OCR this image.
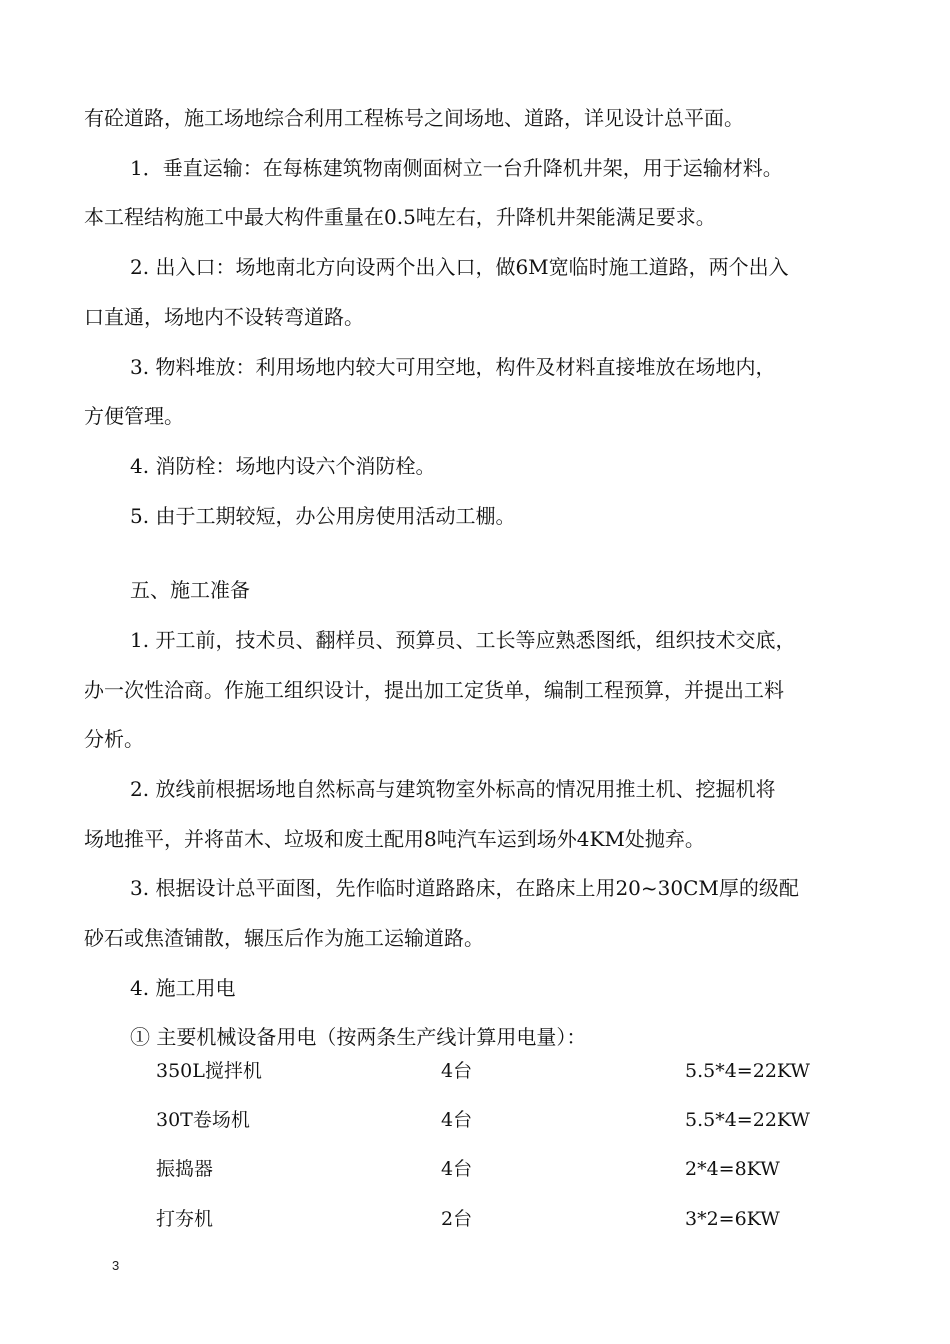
有砼道路，施工场地综合利用工程栋号之间场地、道路，详见设计总平面。
1．垂直运输：在每栋建筑物南侧面树立一台升降机井架，用于运输材料。
本工程结构施工中最大构件重量在0.5吨左右，升降机井架能满足要求。
2. 出入口：场地南北方向设两个出入口，做6M宽临时施工道路，两个出入
口直通，场地内不设转弯道路。
3. 物料堆放：利用场地内较大可用空地，构件及材料直接堆放在场地内，
方便管理。
4. 消防栓：场地内设六个消防栓。
5. 由于工期较短，办公用房使用活动工棚。
五、施工准备
1. 开工前，技术员、翻样员、预算员、工长等应熟悉图纸，组织技术交底，
办一次性洽商。作施工组织设计，提出加工定货单，编制工程预算，并提出工料
分析。
2. 放线前根据场地自然标高与建筑物室外标高的情况用推土机、挖掘机将
场地推平，并将苗木、垃圾和废土配用8吨汽车运到场外4KM处抛弃。
3. 根据设计总平面图，先作临时道路路床，在路床上用20~30CM厚的级配
砂石或焦渣铺散，辗压后作为施工运输道路。
4. 施工用电
① 主要机械设备用电（按两条生产线计算用电量）：
350L搅拌机	4台	5.5*4=22KW
30T卷场机	4台	5.5*4=22KW
振捣器	4台	2*4=8KW
打夯机	2台	3*2=6KW
3
